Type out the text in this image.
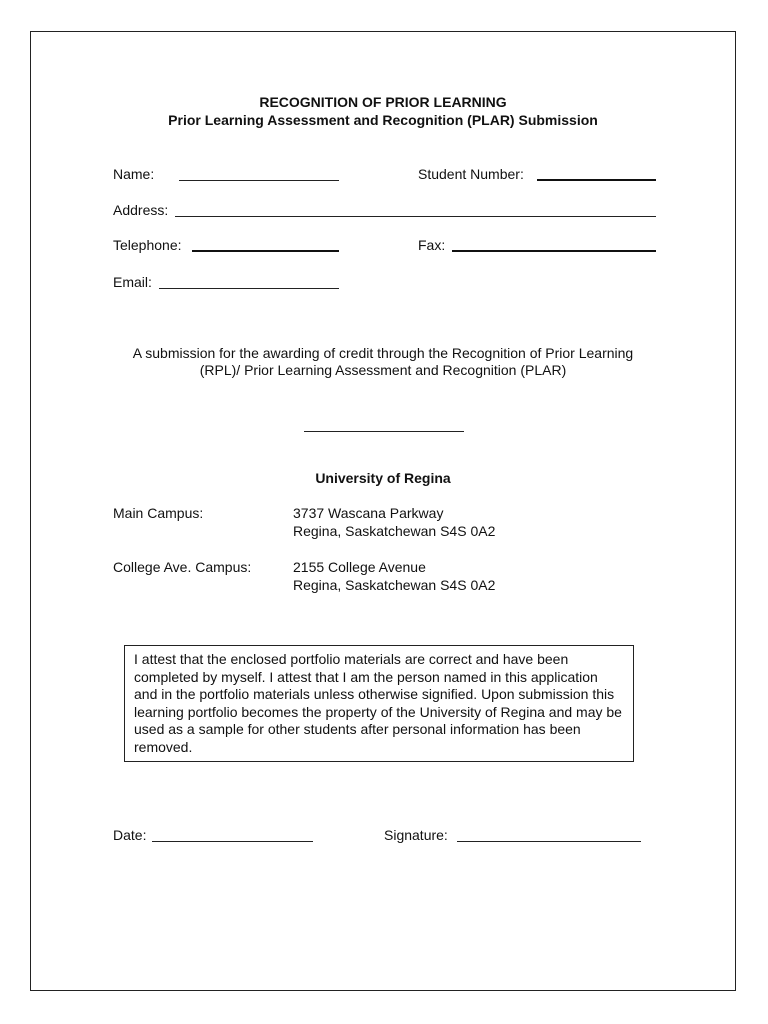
RECOGNITION OF PRIOR LEARNING
Prior Learning Assessment and Recognition (PLAR) Submission
Name:	Student Number:
Address:
Telephone:	Fax:
Email:
A submission for the awarding of credit through the Recognition of Prior Learning
(RPL)/ Prior Learning Assessment and Recognition (PLAR)
University of Regina
Main Campus:	3737 Wascana Parkway
Regina, Saskatchewan S4S 0A2
College Ave. Campus:	2155 College Avenue
Regina, Saskatchewan S4S 0A2
I attest that the enclosed portfolio materials are correct and have been completed by myself. I attest that I am the person named in this application and in the portfolio materials unless otherwise signified. Upon submission this learning portfolio becomes the property of the University of Regina and may be used as a sample for other students after personal information has been removed.
Date:	Signature:
